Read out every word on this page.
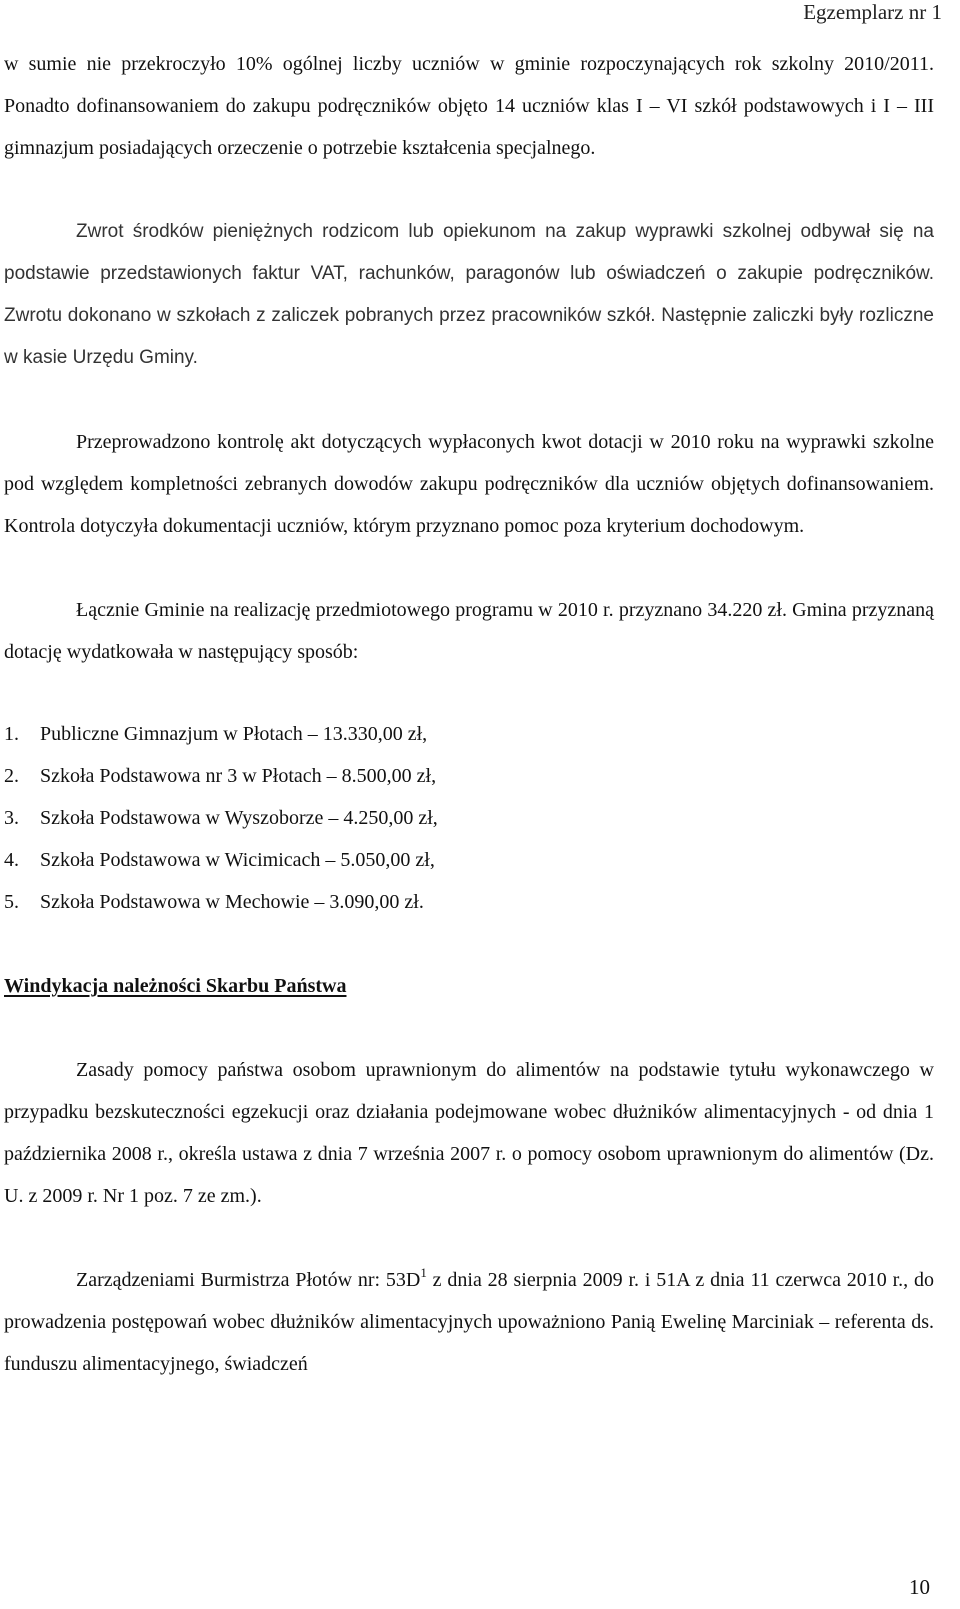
Egzemplarz nr 1

w sumie nie przekroczyło 10% ogólnej liczby uczniów w gminie rozpoczynających rok szkolny 2010/2011. Ponadto dofinansowaniem do zakupu podręczników objęto 14 uczniów klas I – VI szkół podstawowych i I – III gimnazjum posiadających orzeczenie o potrzebie kształcenia specjalnego.

Zwrot środków pieniężnych rodzicom lub opiekunom na zakup wyprawki szkolnej odbywał się na podstawie przedstawionych faktur VAT, rachunków, paragonów lub oświadczeń o zakupie podręczników. Zwrotu dokonano w szkołach z zaliczek pobranych przez pracowników szkół. Następnie zaliczki były rozliczne w kasie Urzędu Gminy.

Przeprowadzono kontrolę akt dotyczących wypłaconych kwot dotacji w 2010 roku na wyprawki szkolne pod względem kompletności zebranych dowodów zakupu podręczników dla uczniów objętych dofinansowaniem. Kontrola dotyczyła dokumentacji uczniów, którym przyznano pomoc poza kryterium dochodowym.

Łącznie Gminie na realizację przedmiotowego programu w 2010 r. przyznano 34.220 zł. Gmina przyznaną dotację wydatkowała w następujący sposób:

1. Publiczne Gimnazjum w Płotach – 13.330,00 zł,
2. Szkoła Podstawowa nr 3 w Płotach – 8.500,00 zł,
3. Szkoła Podstawowa w Wyszoborze – 4.250,00 zł,
4. Szkoła Podstawowa w Wicimicach – 5.050,00 zł,
5. Szkoła Podstawowa w Mechowie – 3.090,00 zł.
Windykacja należności Skarbu Państwa

Zasady pomocy państwa osobom uprawnionym do alimentów na podstawie tytułu wykonawczego w przypadku bezskuteczności egzekucji oraz działania podejmowane wobec dłużników alimentacyjnych - od dnia 1 października 2008 r., określa ustawa z dnia 7 września 2007 r. o pomocy osobom uprawnionym do alimentów (Dz. U. z 2009 r. Nr 1 poz. 7 ze zm.).

Zarządzeniami Burmistrza Płotów nr: $53D^1$ z dnia 28 sierpnia 2009 r. i 51A z dnia 11 czerwca 2010 r., do prowadzenia postępowań wobec dłużników alimentacyjnych upoważniono Panią Ewelinę Marciniak – referenta ds. funduszu alimentacyjnego, świadczeń

10
